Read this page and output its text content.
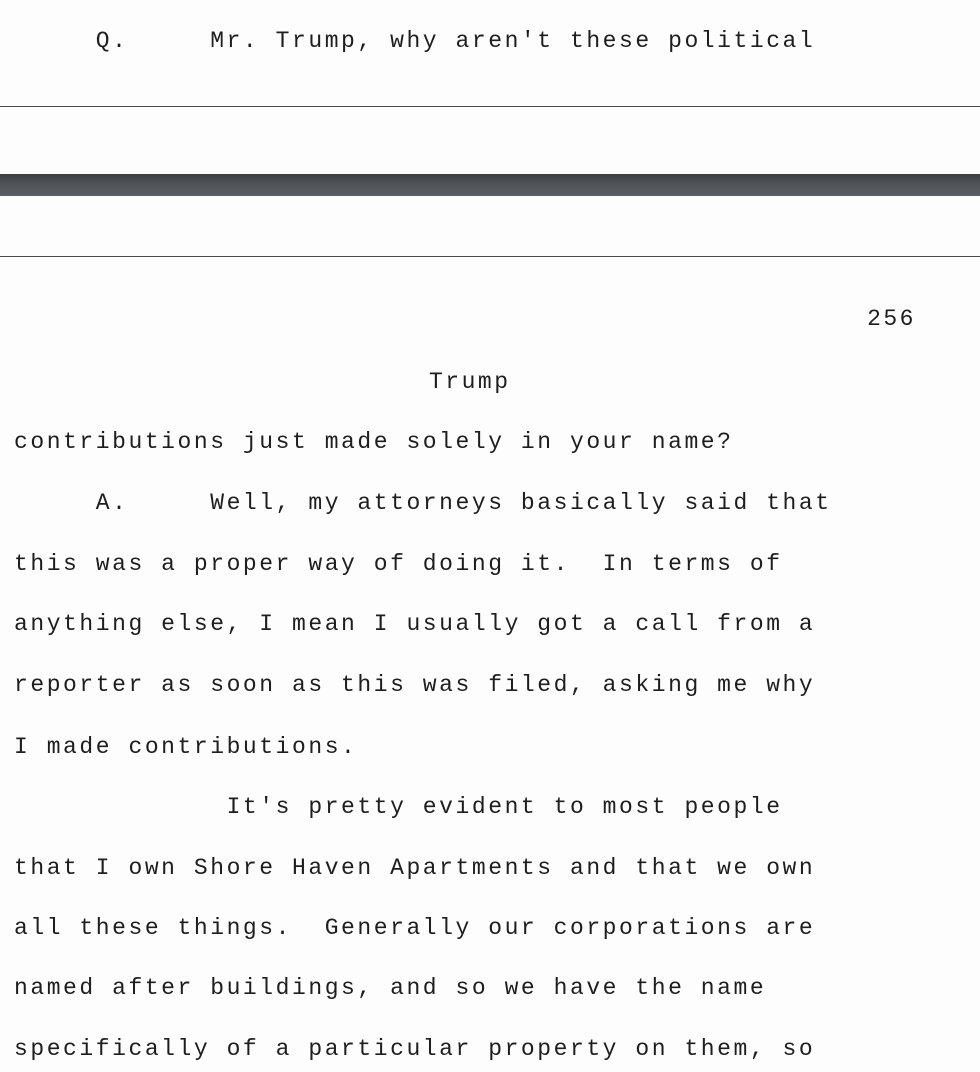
Q.     Mr. Trump, why aren't these political
256
Trump
contributions just made solely in your name?
A.     Well, my attorneys basically said that
this was a proper way of doing it.  In terms of
anything else, I mean I usually got a call from a
reporter as soon as this was filed, asking me why
I made contributions.
It's pretty evident to most people
that I own Shore Haven Apartments and that we own
all these things.  Generally our corporations are
named after buildings, and so we have the name
specifically of a particular property on them, so
